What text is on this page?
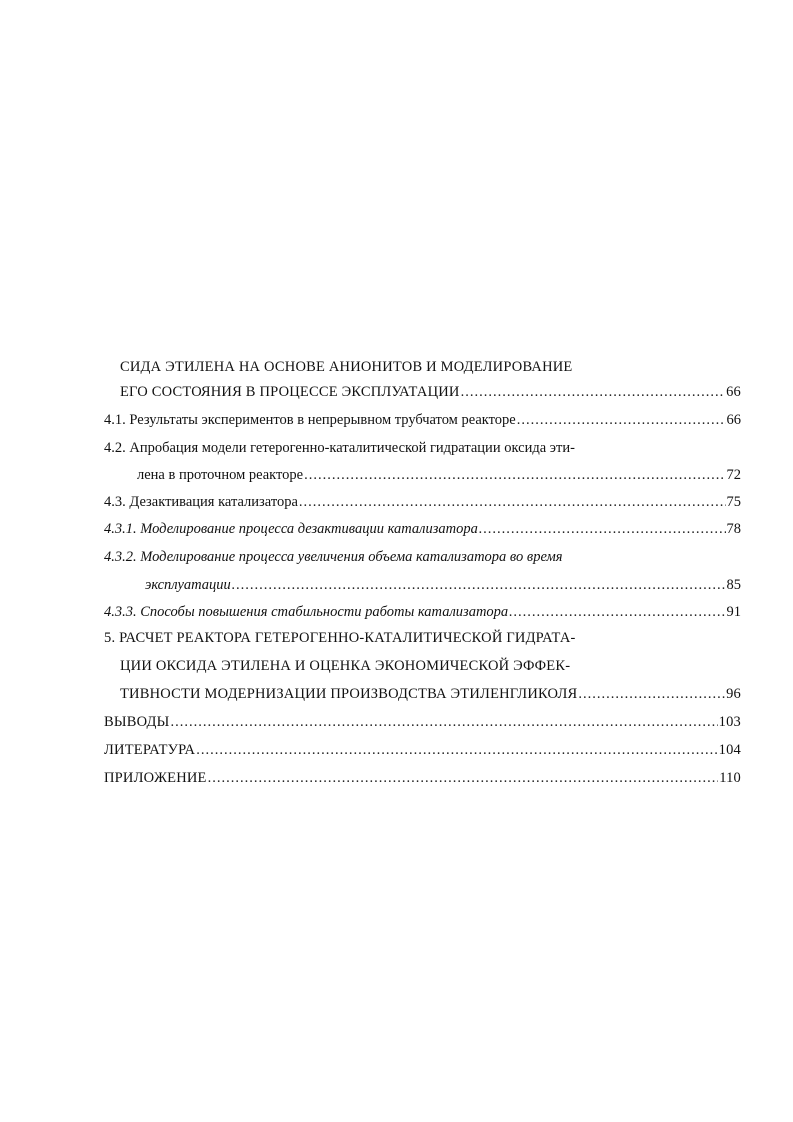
СИДА ЭТИЛЕНА НА ОСНОВЕ АНИОНИТОВ И МОДЕЛИРОВАНИЕ
ЕГО СОСТОЯНИЯ В ПРОЦЕССЕ ЭКСПЛУАТАЦИИ .....	66
4.1. Результаты экспериментов в непрерывном трубчатом реакторе .....	66
4.2. Апробация модели гетерогенно-каталитической гидратации оксида эти-
лена в проточном реакторе .....	72
4.3. Дезактивация катализатора .....	75
4.3.1. Моделирование процесса дезактивации катализатора .....	78
4.3.2. Моделирование процесса увеличения объема катализатора во время
эксплуатации .....	85
4.3.3. Способы повышения стабильности работы катализатора .....	91
5. РАСЧЕТ РЕАКТОРА ГЕТЕРОГЕННО-КАТАЛИТИЧЕСКОЙ ГИДРАТА-
ЦИИ ОКСИДА ЭТИЛЕНА И ОЦЕНКА ЭКОНОМИЧЕСКОЙ ЭФФЕК-
ТИВНОСТИ МОДЕРНИЗАЦИИ ПРОИЗВОДСТВА ЭТИЛЕНГЛИКОЛЯ .....	96
ВЫВОДЫ .....	103
ЛИТЕРАТУРА .....	104
ПРИЛОЖЕНИЕ .....	110
